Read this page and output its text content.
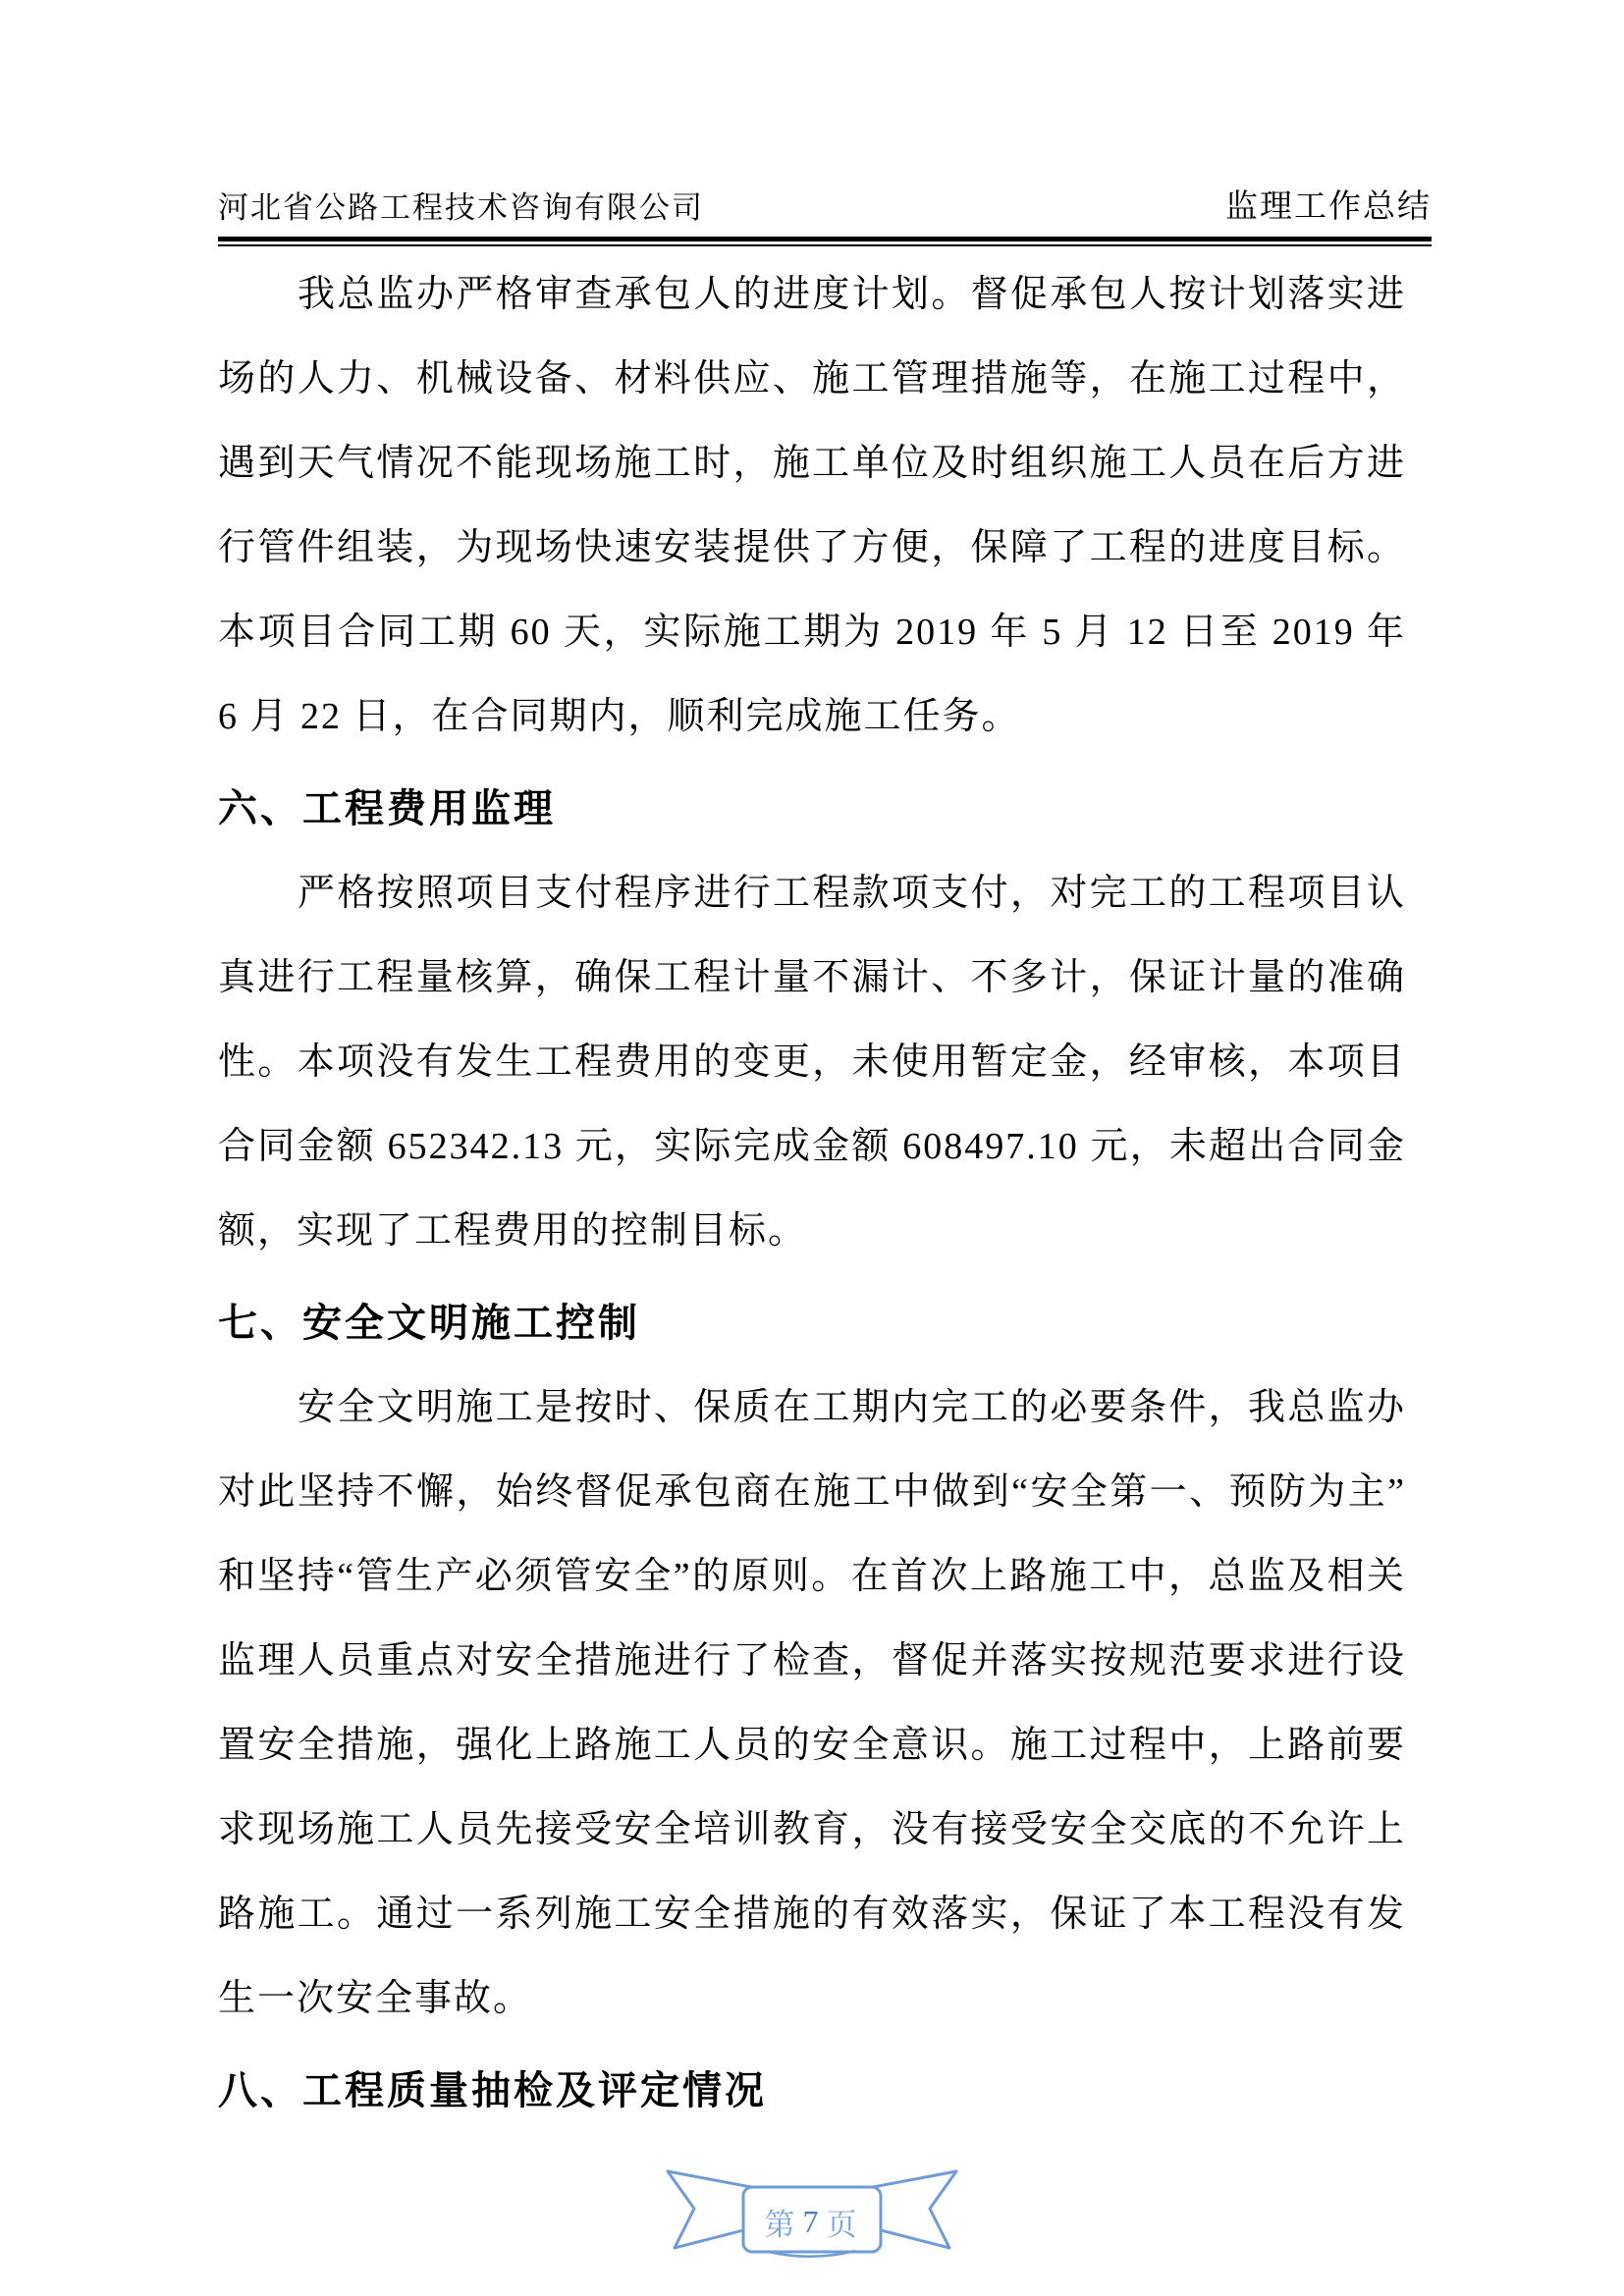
河北省公路工程技术咨询有限公司	监理工作总结

我总监办严格审查承包人的进度计划。督促承包人按计划落实进场的人力、机械设备、材料供应、施工管理措施等，在施工过程中，遇到天气情况不能现场施工时，施工单位及时组织施工人员在后方进行管件组装，为现场快速安装提供了方便，保障了工程的进度目标。本项目合同工期 60 天，实际施工期为 2019 年 5 月 12 日至 2019 年 6 月 22 日，在合同期内，顺利完成施工任务。

六、工程费用监理

严格按照项目支付程序进行工程款项支付，对完工的工程项目认真进行工程量核算，确保工程计量不漏计、不多计，保证计量的准确性。本项没有发生工程费用的变更，未使用暂定金，经审核，本项目合同金额 652342.13 元，实际完成金额 608497.10 元，未超出合同金额，实现了工程费用的控制目标。

七、安全文明施工控制

安全文明施工是按时、保质在工期内完工的必要条件，我总监办对此坚持不懈，始终督促承包商在施工中做到“安全第一、预防为主”和坚持“管生产必须管安全”的原则。在首次上路施工中，总监及相关监理人员重点对安全措施进行了检查，督促并落实按规范要求进行设置安全措施，强化上路施工人员的安全意识。施工过程中，上路前要求现场施工人员先接受安全培训教育，没有接受安全交底的不允许上路施工。通过一系列施工安全措施的有效落实，保证了本工程没有发生一次安全事故。

八、工程质量抽检及评定情况
第 7 页
